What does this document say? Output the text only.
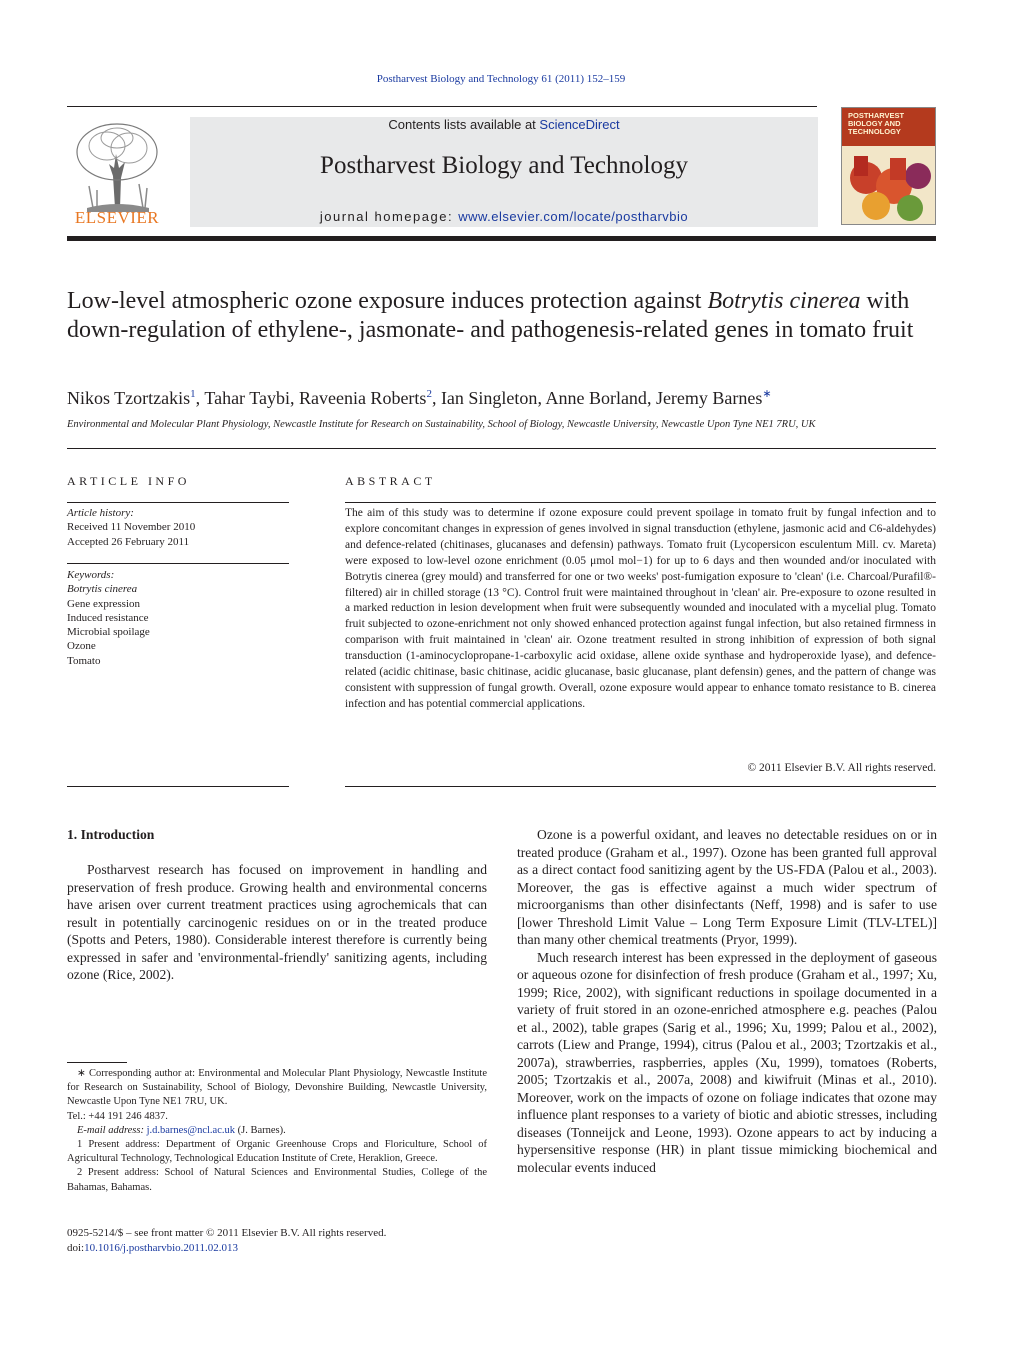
Postharvest Biology and Technology 61 (2011) 152–159
ELSEVIER
Contents lists available at ScienceDirect
Postharvest Biology and Technology
journal homepage: www.elsevier.com/locate/postharvbio
POSTHARVEST BIOLOGY AND TECHNOLOGY
Low-level atmospheric ozone exposure induces protection against Botrytis cinerea with down-regulation of ethylene-, jasmonate- and pathogenesis-related genes in tomato fruit
Nikos Tzortzakis$^1$, Tahar Taybi, Raveenia Roberts$^2$, Ian Singleton, Anne Borland, Jeremy Barnes∗
Environmental and Molecular Plant Physiology, Newcastle Institute for Research on Sustainability, School of Biology, Newcastle University, Newcastle Upon Tyne NE1 7RU, UK
ARTICLE INFO
Article history:
Received 11 November 2010
Accepted 26 February 2011
Keywords:
Botrytis cinerea
Gene expression
Induced resistance
Microbial spoilage
Ozone
Tomato
ABSTRACT
The aim of this study was to determine if ozone exposure could prevent spoilage in tomato fruit by fungal infection and to explore concomitant changes in expression of genes involved in signal transduction (ethylene, jasmonic acid and C6-aldehydes) and defence-related (chitinases, glucanases and defensin) pathways. Tomato fruit (Lycopersicon esculentum Mill. cv. Mareta) were exposed to low-level ozone enrichment (0.05 μmol mol−1) for up to 6 days and then wounded and/or inoculated with Botrytis cinerea (grey mould) and transferred for one or two weeks' post-fumigation exposure to 'clean' (i.e. Charcoal/Purafil®-filtered) air in chilled storage (13 °C). Control fruit were maintained throughout in 'clean' air. Pre-exposure to ozone resulted in a marked reduction in lesion development when fruit were subsequently wounded and inoculated with a mycelial plug. Tomato fruit subjected to ozone-enrichment not only showed enhanced protection against fungal infection, but also retained firmness in comparison with fruit maintained in 'clean' air. Ozone treatment resulted in strong inhibition of expression of both signal transduction (1-aminocyclopropane-1-carboxylic acid oxidase, allene oxide synthase and hydroperoxide lyase), and defence-related (acidic chitinase, basic chitinase, acidic glucanase, basic glucanase, plant defensin) genes, and the pattern of change was consistent with suppression of fungal growth. Overall, ozone exposure would appear to enhance tomato resistance to B. cinerea infection and has potential commercial applications.
© 2011 Elsevier B.V. All rights reserved.
1. Introduction

Postharvest research has focused on improvement in handling and preservation of fresh produce. Growing health and environmental concerns have arisen over current treatment practices using agrochemicals that can result in potentially carcinogenic residues on or in the treated produce (Spotts and Peters, 1980). Considerable interest therefore is currently being expressed in safer and 'environmental-friendly' sanitizing agents, including ozone (Rice, 2002).

Ozone is a powerful oxidant, and leaves no detectable residues on or in treated produce (Graham et al., 1997). Ozone has been granted full approval as a direct contact food sanitizing agent by the US-FDA (Palou et al., 2003). Moreover, the gas is effective against a much wider spectrum of microorganisms than other disinfectants (Neff, 1998) and is safer to use [lower Threshold Limit Value – Long Term Exposure Limit (TLV-LTEL)] than many other chemical treatments (Pryor, 1999).

Much research interest has been expressed in the deployment of gaseous or aqueous ozone for disinfection of fresh produce (Graham et al., 1997; Xu, 1999; Rice, 2002), with significant reductions in spoilage documented in a variety of fruit stored in an ozone-enriched atmosphere e.g. peaches (Palou et al., 2002), table grapes (Sarig et al., 1996; Xu, 1999; Palou et al., 2002), carrots (Liew and Prange, 1994), citrus (Palou et al., 2003; Tzortzakis et al., 2007a), strawberries, raspberries, apples (Xu, 1999), tomatoes (Roberts, 2005; Tzortzakis et al., 2007a, 2008) and kiwifruit (Minas et al., 2010). Moreover, work on the impacts of ozone on foliage indicates that ozone may influence plant responses to a variety of biotic and abiotic stresses, including diseases (Tonneijck and Leone, 1993). Ozone appears to act by inducing a hypersensitive response (HR) in plant tissue mimicking biochemical and molecular events induced

∗ Corresponding author at: Environmental and Molecular Plant Physiology, Newcastle Institute for Research on Sustainability, School of Biology, Devonshire Building, Newcastle University, Newcastle Upon Tyne NE1 7RU, UK.
Tel.: +44 191 246 4837.
E-mail address: j.d.barnes@ncl.ac.uk (J. Barnes).
1 Present address: Department of Organic Greenhouse Crops and Floriculture, School of Agricultural Technology, Technological Education Institute of Crete, Heraklion, Greece.
2 Present address: School of Natural Sciences and Environmental Studies, College of the Bahamas, Bahamas.
0925-5214/$ – see front matter © 2011 Elsevier B.V. All rights reserved.
doi:10.1016/j.postharvbio.2011.02.013
